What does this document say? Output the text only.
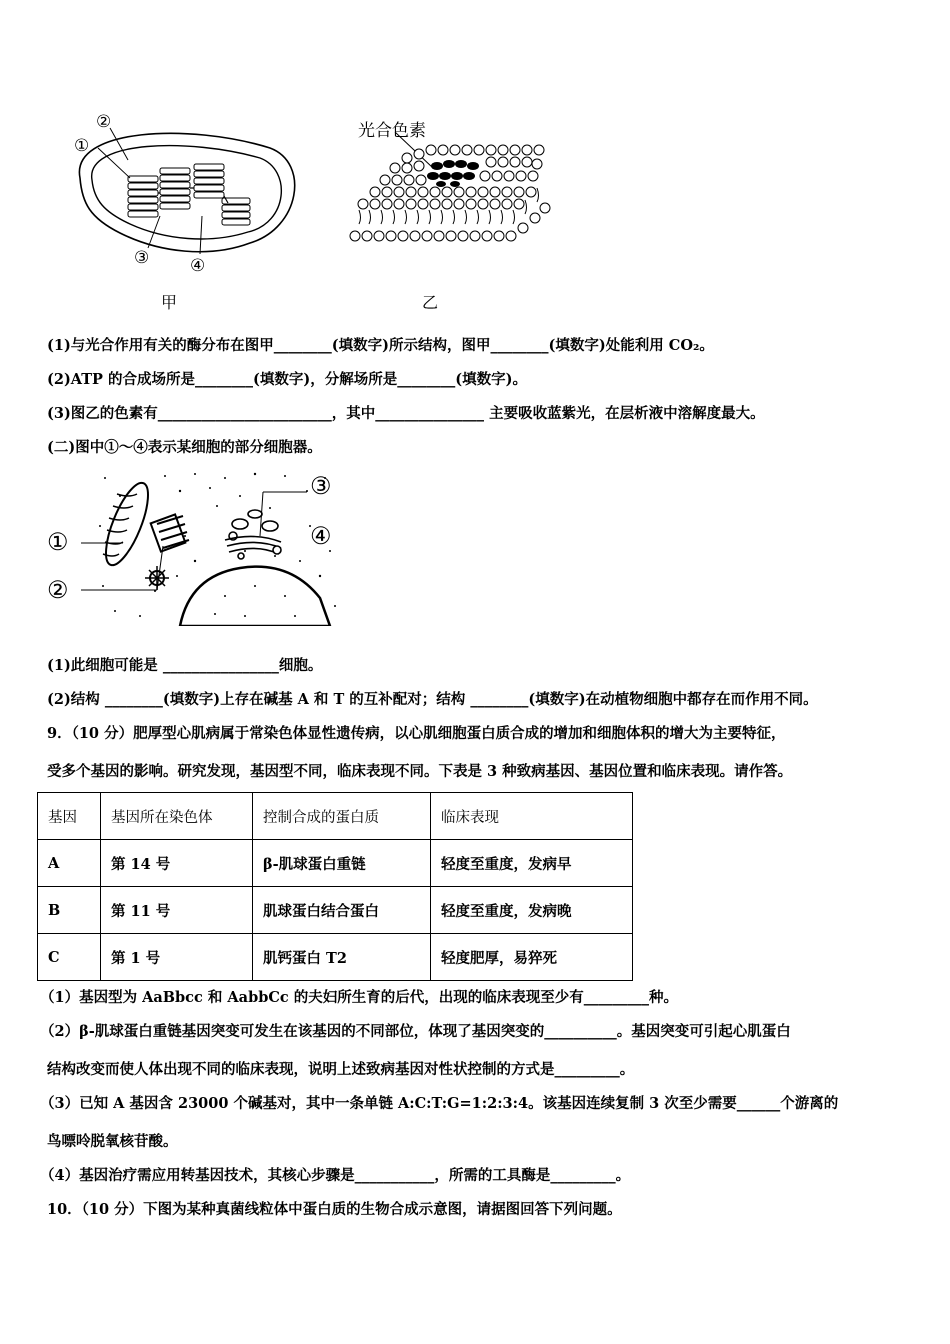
②
①
③ ④
甲
光合色素
乙
(1)与光合作用有关的酶分布在图甲________(填数字)所示结构，图甲________(填数字)处能利用 CO₂。
(2)ATP 的合成场所是________(填数字)，分解场所是________(填数字)。
(3)图乙的色素有________________________，其中_______________ 主要吸收蓝紫光，在层析液中溶解度最大。
(二)图中①～④表示某细胞的部分细胞器。
①
②
③
④
(1)此细胞可能是 ________________细胞。
(2)结构 ________(填数字)上存在碱基 A 和 T 的互补配对；结构 ________(填数字)在动植物细胞中都存在而作用不同。
9．（10 分）肥厚型心肌病属于常染色体显性遗传病，以心肌细胞蛋白质合成的增加和细胞体积的增大为主要特征，
受多个基因的影响。研究发现，基因型不同，临床表现不同。下表是 3 种致病基因、基因位置和临床表现。请作答。
基因	基因所在染色体	控制合成的蛋白质	临床表现
A	第 14 号	β-肌球蛋白重链	轻度至重度，发病早
B	第 11 号	肌球蛋白结合蛋白	轻度至重度，发病晚
C	第 1 号	肌钙蛋白 T2	轻度肥厚，易猝死
（1）基因型为 AaBbcc 和 AabbCc 的夫妇所生育的后代，出现的临床表现至少有_________种。
（2）β-肌球蛋白重链基因突变可发生在该基因的不同部位，体现了基因突变的__________。基因突变可引起心肌蛋白
结构改变而使人体出现不同的临床表现，说明上述致病基因对性状控制的方式是_________。
（3）已知 A 基因含 23000 个碱基对，其中一条单链 A:C:T:G=1:2:3:4。该基因连续复制 3 次至少需要______个游离的
鸟嘌呤脱氧核苷酸。
（4）基因治疗需应用转基因技术，其核心步骤是___________，所需的工具酶是_________。
10．（10 分）下图为某种真菌线粒体中蛋白质的生物合成示意图，请据图回答下列问题。
